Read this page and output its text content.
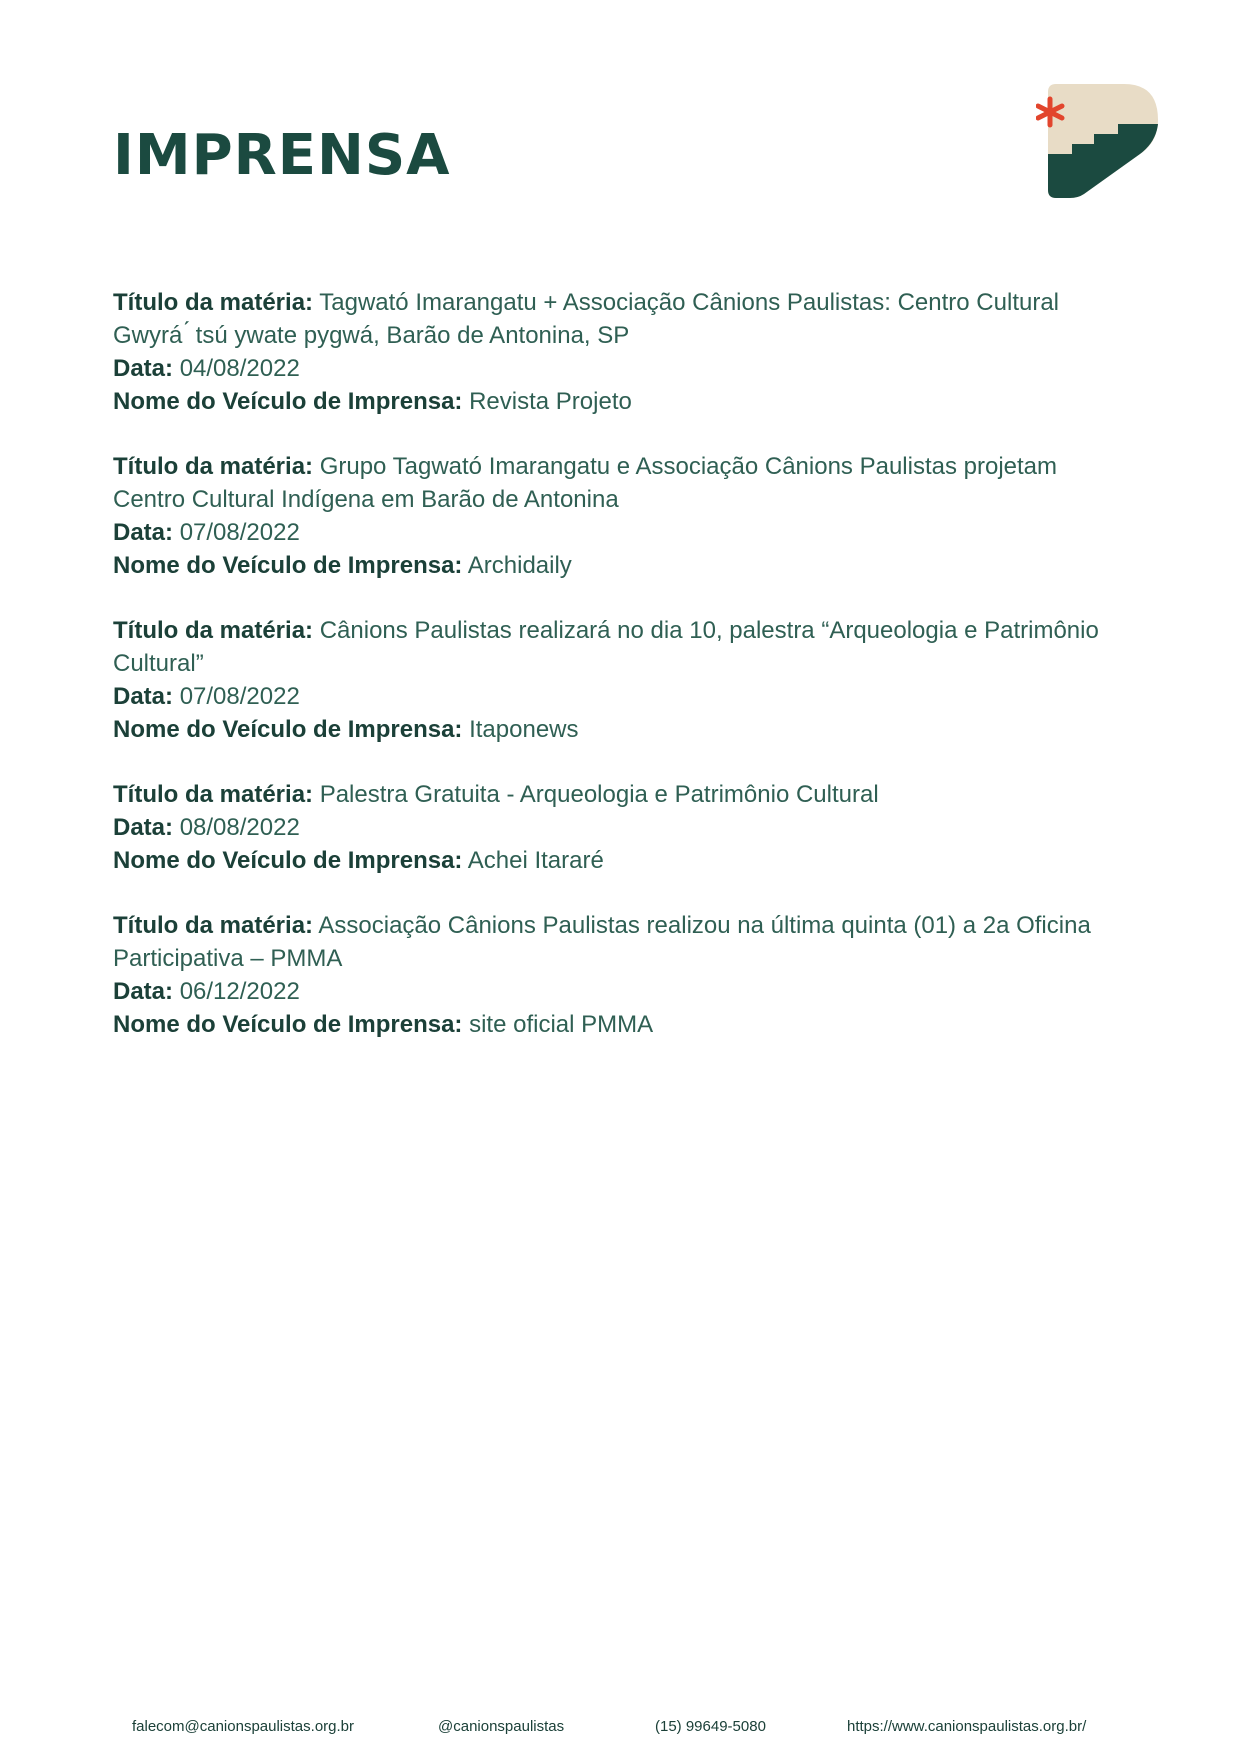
IMPRENSA
Título da matéria: Tagwató Imarangatu + Associação Cânions Paulistas: Centro Cultural Gwyrá ́ tsú ywate pygwá, Barão de Antonina, SP
Data: 04/08/2022
Nome do Veículo de Imprensa: Revista Projeto
Título da matéria: Grupo Tagwató Imarangatu e Associação Cânions Paulistas projetam Centro Cultural Indígena em Barão de Antonina
Data: 07/08/2022
Nome do Veículo de Imprensa: Archidaily
Título da matéria: Cânions Paulistas realizará no dia 10, palestra “Arqueologia e Patrimônio Cultural”
Data: 07/08/2022
Nome do Veículo de Imprensa: Itaponews
Título da matéria: Palestra Gratuita - Arqueologia e Patrimônio Cultural
Data: 08/08/2022
Nome do Veículo de Imprensa: Achei Itararé
Título da matéria: Associação Cânions Paulistas realizou na última quinta (01) a 2a Oficina Participativa – PMMA
Data: 06/12/2022
Nome do Veículo de Imprensa: site oficial PMMA
falecom@canionspaulistas.org.br	@canionspaulistas	(15) 99649-5080	https://www.canionspaulistas.org.br/
